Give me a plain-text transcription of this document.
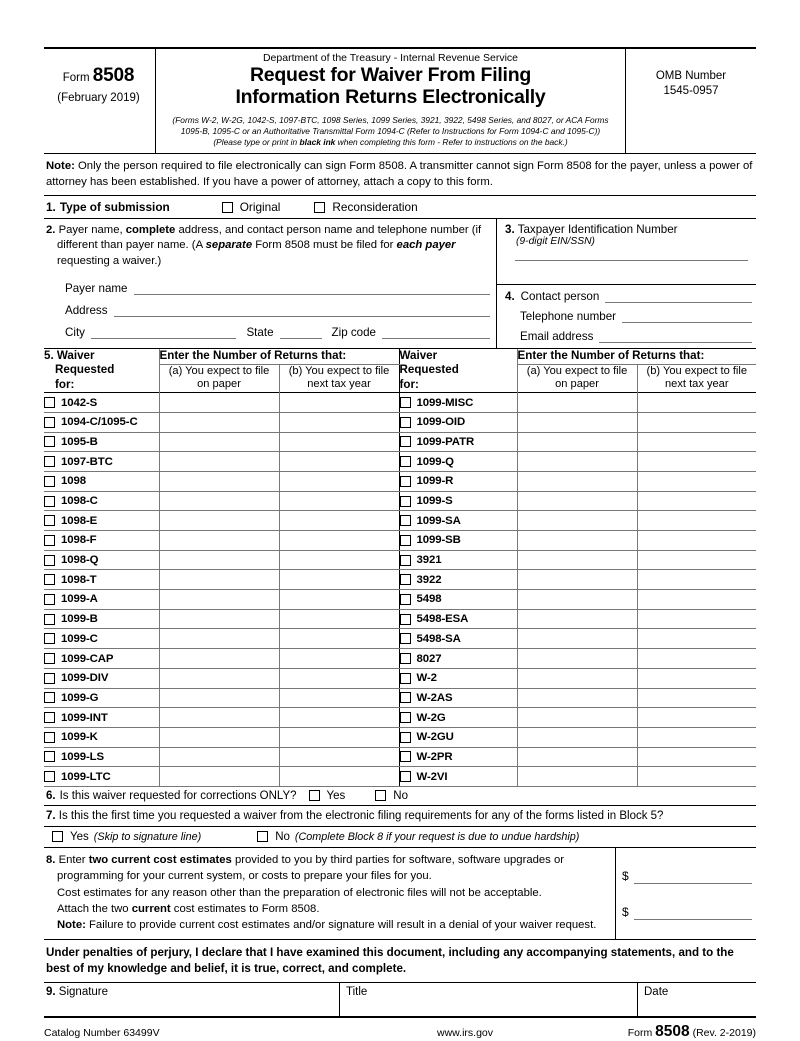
Form 8508
(February 2019)
Department of the Treasury - Internal Revenue Service
Request for Waiver From Filing
Information Returns Electronically
(Forms W-2, W-2G, 1042-S, 1097-BTC, 1098 Series, 1099 Series, 3921, 3922, 5498 Series, and 8027, or ACA Forms
1095-B, 1095-C or an Authoritative Transmittal Form 1094-C (Refer to Instructions for Form 1094-C and 1095-C))
(Please type or print in black ink when completing this form - Refer to instructions on the back.)
OMB Number
1545-0957
Note: Only the person required to file electronically can sign Form 8508. A transmitter cannot sign Form 8508 for the payer, unless a power of attorney has been established. If you have a power of attorney, attach a copy to this form.
1. Type of submission	Original	Reconsideration
2. Payer name, complete address, and contact person name and telephone number (if different than payer name. (A separate Form 8508 must be filed for each payer requesting a waiver.)
Payer name
Address
City	State	Zip code
3. Taxpayer Identification Number
(9-digit EIN/SSN)
4. Contact person
Telephone number
Email address
5. Waiver
Requested
for:	Enter the Number of Returns that:		Waiver
Requested
for:	Enter the Number of Returns that:	
	(a) You expect to file
on paper	(b) You expect to file
next tax year		(a) You expect to file
on paper	(b) You expect to file
next tax year

1042-S			1099-MISC		

1094-C/1095-C			1099-OID		

1095-B			1099-PATR		

1097-BTC			1099-Q		

1098			1099-R		

1098-C			1099-S		

1098-E			1099-SA		

1098-F			1099-SB		

1098-Q			3921		

1098-T			3922		

1099-A			5498		

1099-B			5498-ESA		

1099-C			5498-SA		

1099-CAP			8027		

1099-DIV			W-2		

1099-G			W-2AS		

1099-INT			W-2G		

1099-K			W-2GU		

1099-LS			W-2PR		

1099-LTC			W-2VI		

6. Is this waiver requested for corrections ONLY?	Yes	No
7. Is this the first time you requested a waiver from the electronic filing requirements for any of the forms listed in Block 5?
Yes (Skip to signature line)	No (Complete Block 8 if your request is due to undue hardship)
8. Enter two current cost estimates provided to you by third parties for software, software upgrades or programming for your current system, or costs to prepare your files for you.
Cost estimates for any reason other than the preparation of electronic files will not be acceptable.
Attach the two current cost estimates to Form 8508.
Note: Failure to provide current cost estimates and/or signature will result in a denial of your waiver request.
$
$
Under penalties of perjury, I declare that I have examined this document, including any accompanying statements, and to the best of my knowledge and belief, it is true, correct, and complete.
9. Signature	Title	Date
Catalog Number 63499V	www.irs.gov	Form 8508 (Rev. 2-2019)
